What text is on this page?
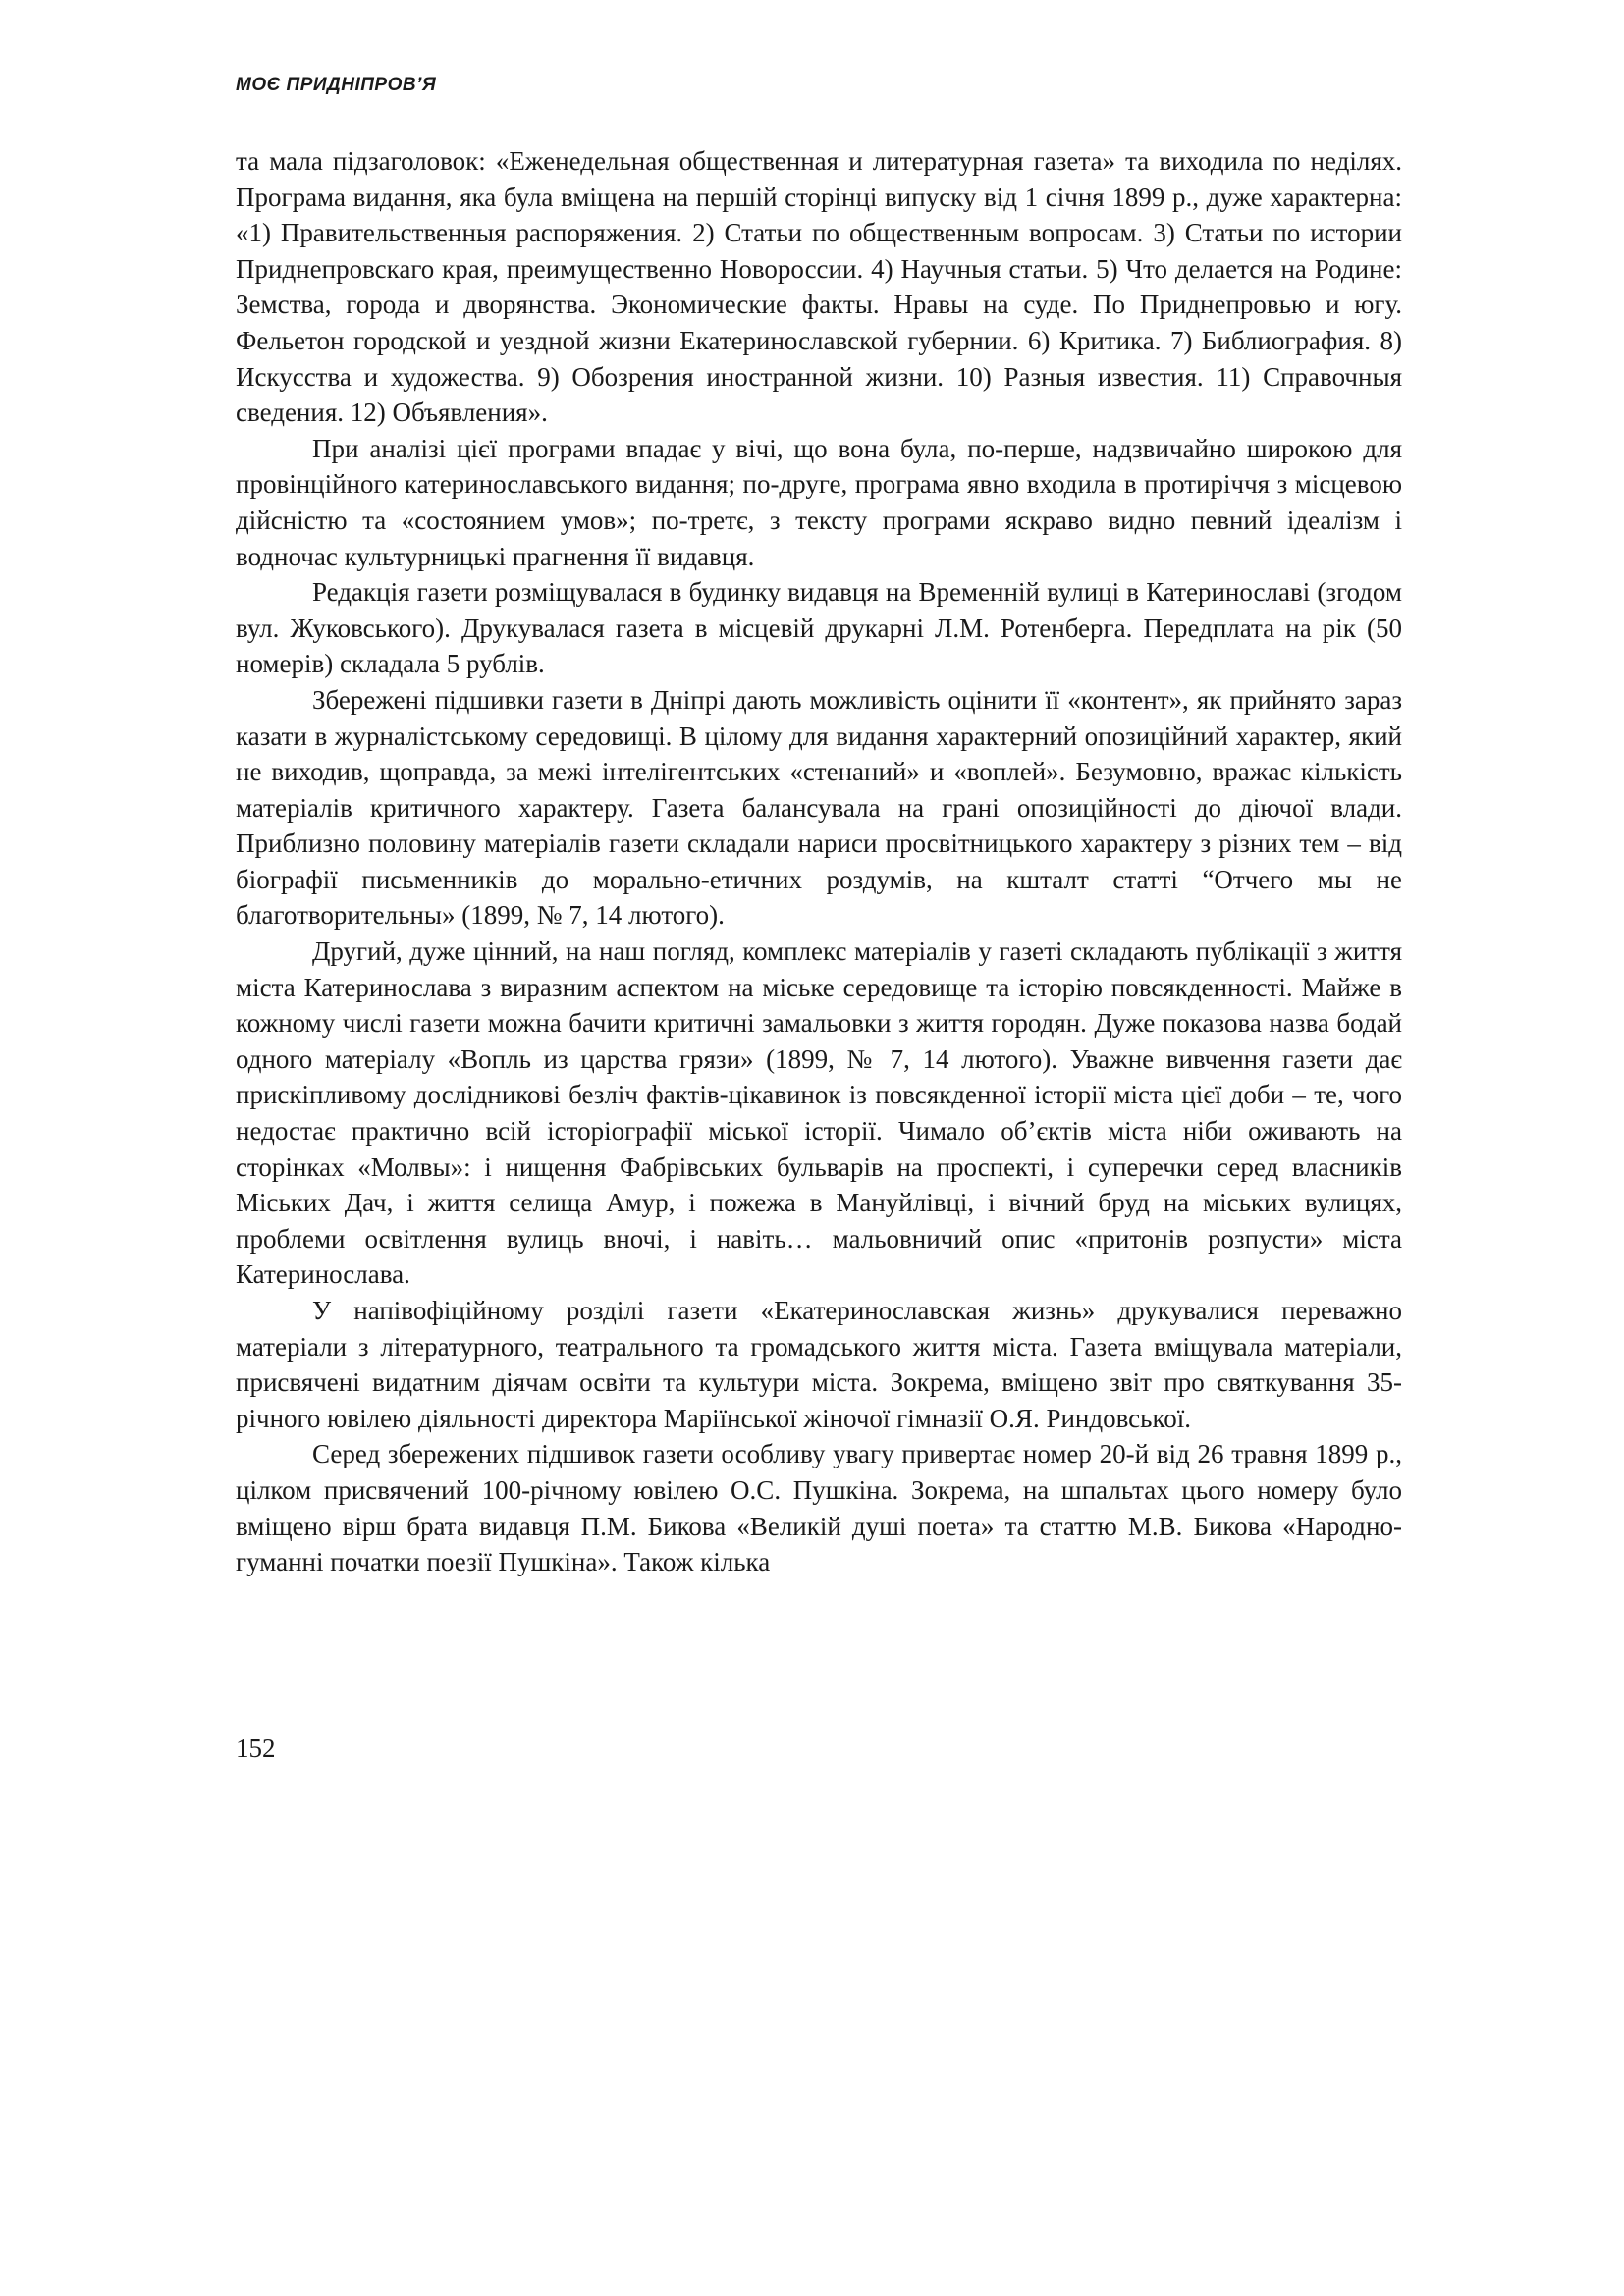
МОЄ ПРИДНІПРОВ’Я

та мала підзаголовок: «Еженедельная общественная и литературная газета» та виходила по неділях. Програма видання, яка була вміщена на першій сторінці випуску від 1 січня 1899 р., дуже характерна: «1) Правительственныя распоряжения. 2) Статьи по общественным вопросам. 3) Статьи по истории Приднепровскаго края, преимущественно Новороссии. 4) Научныя статьи. 5) Что делается на Родине: Земства, города и дворянства. Экономические факты. Нравы на суде. По Приднепровью и югу. Фельетон городской и уездной жизни Екатеринославской губернии. 6) Критика. 7) Библиография. 8) Искусства и художества. 9) Обозрения иностранной жизни. 10) Разныя известия. 11) Справочныя сведения. 12) Объявления».

При аналізі цієї програми впадає у вічі, що вона була, по-перше, надзвичайно широкою для провінційного катеринославського видання; по-друге, програма явно входила в протиріччя з місцевою дійсністю та «состоянием умов»; по-третє, з тексту програми яскраво видно певний ідеалізм і водночас культурницькі прагнення її видавця.

Редакція газети розміщувалася в будинку видавця на Временній вулиці в Катеринославі (згодом вул. Жуковського). Друкувалася газета в місцевій друкарні Л.М. Ротенберга. Передплата на рік (50 номерів) складала 5 рублів.

Збережені підшивки газети в Дніпрі дають можливість оцінити її «контент», як прийнято зараз казати в журналістському середовищі. В цілому для видання характерний опозиційний характер, який не виходив, щоправда, за межі інтелігентських «стенаний» и «воплей». Безумовно, вражає кількість матеріалів критичного характеру. Газета балансувала на грані опозиційності до діючої влади. Приблизно половину матеріалів газети складали нариси просвітницького характеру з різних тем – від біографії письменників до морально-етичних роздумів, на кшталт статті “Отчего мы не благотворительны» (1899, № 7, 14 лютого).

Другий, дуже цінний, на наш погляд, комплекс матеріалів у газеті складають публікації з життя міста Катеринослава з виразним аспектом на міське середовище та історію повсякденності. Майже в кожному числі газети можна бачити критичні замальовки з життя городян. Дуже показова назва бодай одного матеріалу «Вопль из царства грязи» (1899, № 7, 14 лютого). Уважне вивчення газети дає прискіпливому дослідникові безліч фактів-цікавинок із повсякденної історії міста цієї доби – те, чого недостає практично всій історіографії міської історії. Чимало об’єктів міста ніби оживають на сторінках «Молвы»: і нищення Фабрівських бульварів на проспекті, і суперечки серед власників Міських Дач, і життя селища Амур, і пожежа в Мануйлівці, і вічний бруд на міських вулицях, проблеми освітлення вулиць вночі, і навіть… мальовничий опис «притонів розпусти» міста Катеринослава.

У напівофіційному розділі газети «Екатеринославская жизнь» друкувалися переважно матеріали з літературного, театрального та громадського життя міста. Газета вміщувала матеріали, присвячені видатним діячам освіти та культури міста. Зокрема, вміщено звіт про святкування 35-річного ювілею діяльності директора Маріїнської жіночої гімназії О.Я. Риндовської.

Серед збережених підшивок газети особливу увагу привертає номер 20-й від 26 травня 1899 р., цілком присвячений 100-річному ювілею О.С. Пушкіна. Зокрема, на шпальтах цього номеру було вміщено вірш брата видавця П.М. Бикова «Великій душі поета» та статтю М.В. Бикова «Народно-гуманні початки поезії Пушкіна». Також кілька

152
